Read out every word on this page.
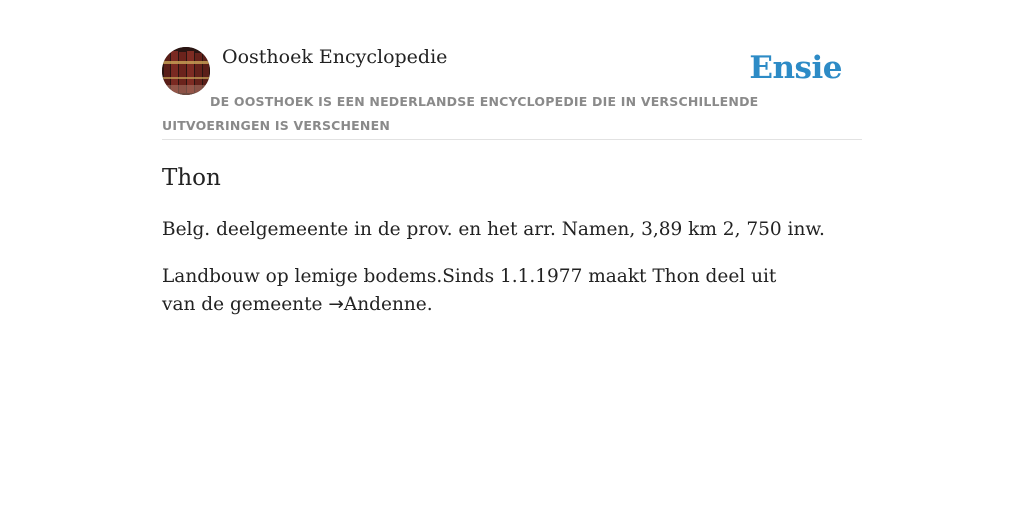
Oosthoek Encyclopedie	Ensie
DE OOSTHOEK IS EEN NEDERLANDSE ENCYCLOPEDIE DIE IN VERSCHILLENDE UITVOERINGEN IS VERSCHENEN
Thon

Belg. deelgemeente in de prov. en het arr. Namen, 3,89 km 2, 750 inw.

Landbouw op lemige bodems.Sinds 1.1.1977 maakt Thon deel uit van de gemeente →Andenne.
